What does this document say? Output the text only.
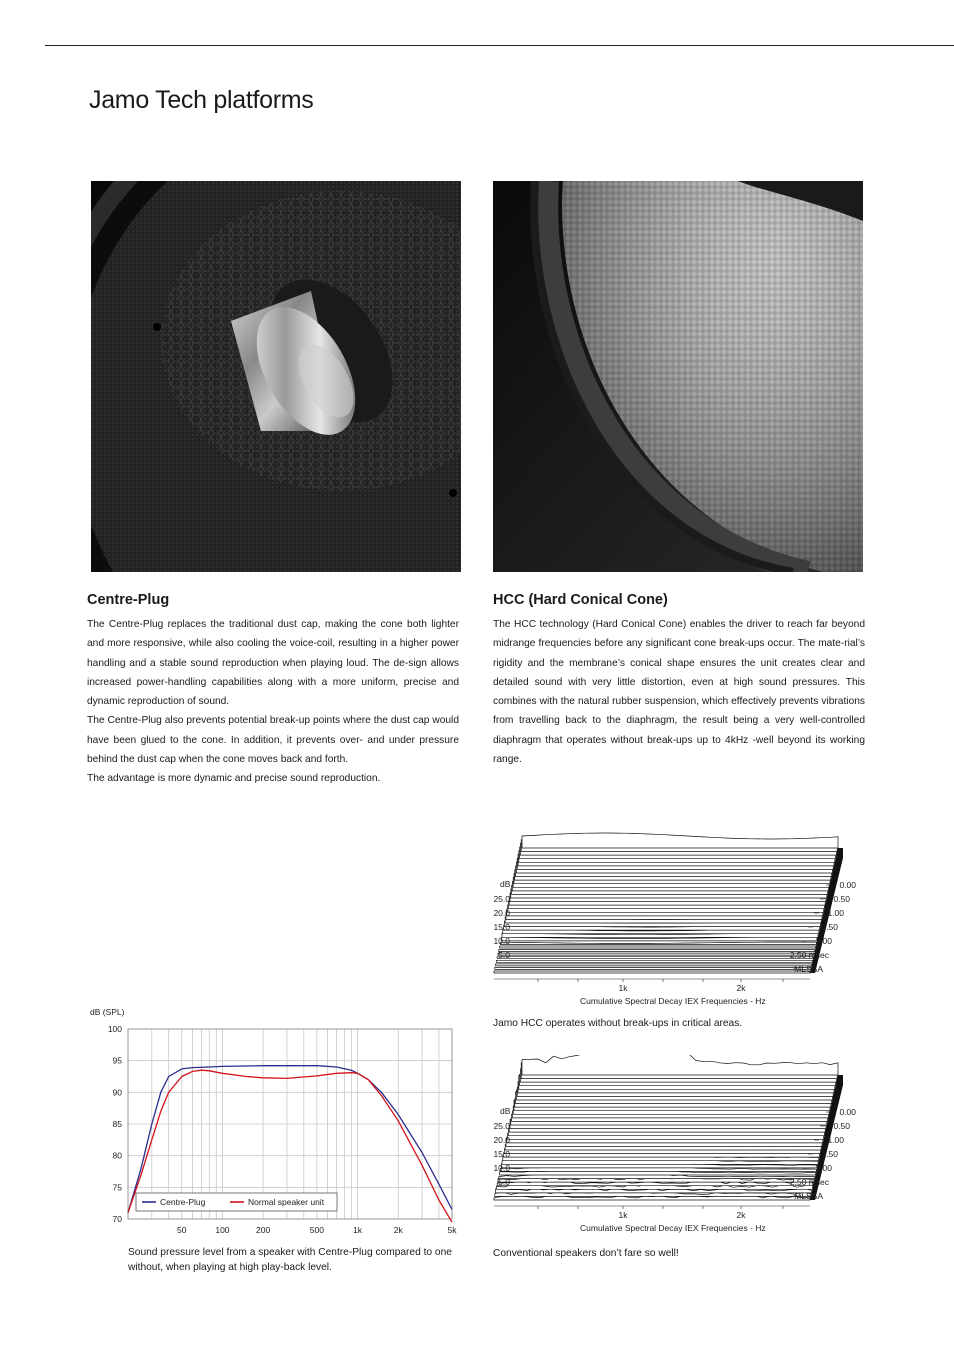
Jamo Tech platforms
Centre-Plug

The Centre-Plug replaces the traditional dust cap, making the cone both lighter and more responsive, while also cooling the voice-coil, resulting in a higher power handling and a stable sound reproduction when playing loud. The de-sign allows increased power-handling capabilities along with a more uniform, precise and dynamic reproduction of sound.

The Centre-Plug also prevents potential break-up points where the dust cap would have been glued to the cone. In addition, it prevents over- and under pressure behind the dust cap when the cone moves back and forth.

The advantage is more dynamic and precise sound reproduction.

HCC (Hard Conical Cone)

The HCC technology (Hard Conical Cone) enables the driver to reach far beyond midrange frequencies before any significant cone break-ups occur. The mate-rial’s rigidity and the membrane’s conical shape ensures the unit creates clear and detailed sound with very little distortion, even at high sound pressures. This combines with the natural rubber suspension, which effectively prevents vibrations from travelling back to the diaphragm, the result being a very well-controlled diaphragm that operates without break-ups up to 4kHz -well beyond its working range.

dB (SPL)
100
95
90
85
80
75
70
50	100	200	500	1k	2k	5k
Centre-Plug	Normal speaker unit
Sound pressure level from a speaker with Centre-Plug compared to one without, when playing at high play-back level.
dB
25.0
20.0
15.0
10.0
5.0
0.00
0.50
1.00
1.50
2.00
2.50 msec
MLSSA
1k	2k
Cumulative Spectral Decay IEX Frequencies - Hz
Jamo HCC operates without break-ups in critical areas.
dB
25.0
20.0
15.0
10.0
5.0
0.00
0.50
1.00
1.50
2.00
2.50 msec
MLSSA
1k	2k
Cumulative Spectral Decay IEX Frequencies - Hz
Conventional speakers don’t fare so well!
